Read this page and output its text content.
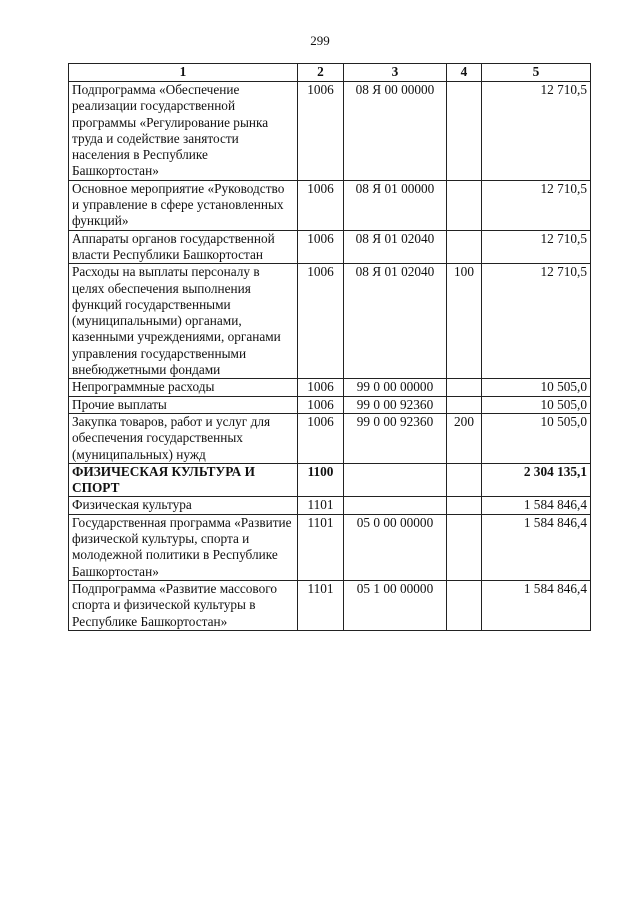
299
1	2	3	4	5
Подпрограмма «Обеспечение реализации государственной программы «Регулирование рынка труда и содействие занятости населения в Республике Башкортостан»	1006	08 Я 00 00000		12 710,5
Основное мероприятие «Руководство и управление в сфере установленных функций»	1006	08 Я 01 00000		12 710,5
Аппараты органов государственной власти Республики Башкортостан	1006	08 Я 01 02040		12 710,5
Расходы на выплаты персоналу в целях обеспечения выполнения функций государственными (муниципальными) органами, казенными учреждениями, органами управления государственными внебюджетными фондами	1006	08 Я 01 02040	100	12 710,5
Непрограммные расходы	1006	99 0 00 00000		10 505,0
Прочие выплаты	1006	99 0 00 92360		10 505,0
Закупка товаров, работ и услуг для обеспечения государственных (муниципальных) нужд	1006	99 0 00 92360	200	10 505,0
ФИЗИЧЕСКАЯ КУЛЬТУРА И СПОРТ	1100			2 304 135,1
Физическая культура	1101			1 584 846,4
Государственная программа «Развитие физической культуры, спорта и молодежной политики в Республике Башкортостан»	1101	05 0 00 00000		1 584 846,4
Подпрограмма «Развитие массового спорта и физической культуры в Республике Башкортостан»	1101	05 1 00 00000		1 584 846,4
